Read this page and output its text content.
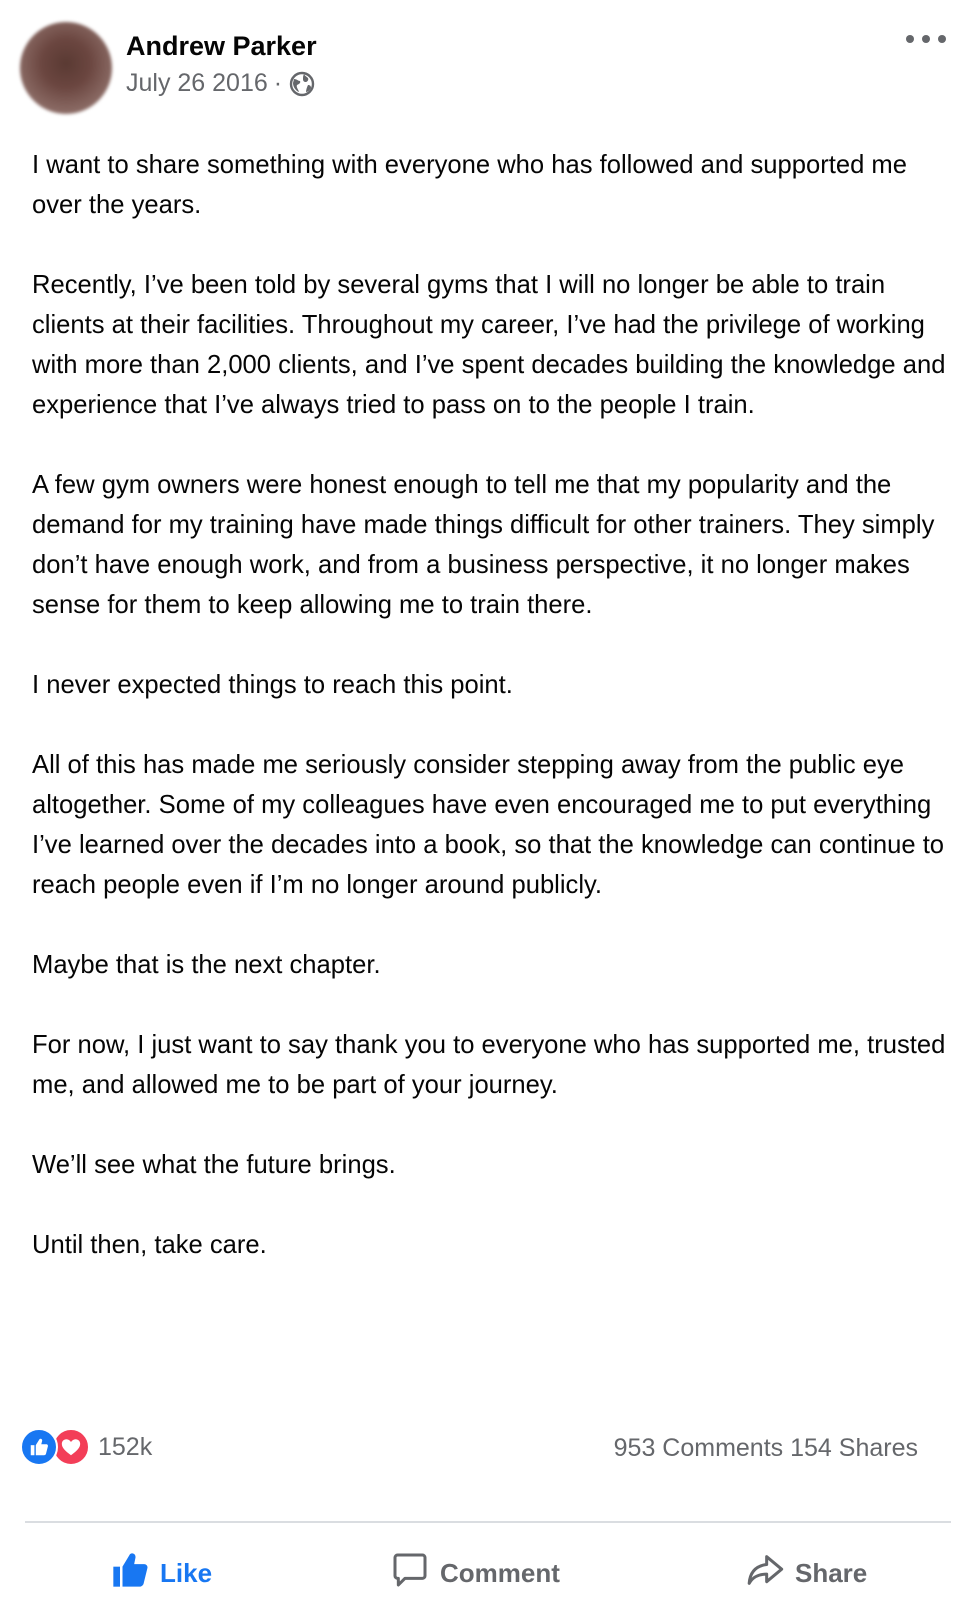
Andrew Parker
July 26 2016 ·

I want to share something with everyone who has followed and supported me over the years.

Recently, I’ve been told by several gyms that I will no longer be able to train clients at their facilities. Throughout my career, I’ve had the privilege of working with more than 2,000 clients, and I’ve spent decades building the knowledge and experience that I’ve always tried to pass on to the people I train.

A few gym owners were honest enough to tell me that my popularity and the demand for my training have made things difficult for other trainers. They simply don’t have enough work, and from a business perspective, it no longer makes sense for them to keep allowing me to train there.

I never expected things to reach this point.

All of this has made me seriously consider stepping away from the public eye altogether. Some of my colleagues have even encouraged me to put everything I’ve learned over the decades into a book, so that the knowledge can continue to reach people even if I’m no longer around publicly.

Maybe that is the next chapter.

For now, I just want to say thank you to everyone who has supported me, trusted me, and allowed me to be part of your journey.

We’ll see what the future brings.

Until then, take care.

152k	953 Comments 154 Shares
Like	Comment	Share
